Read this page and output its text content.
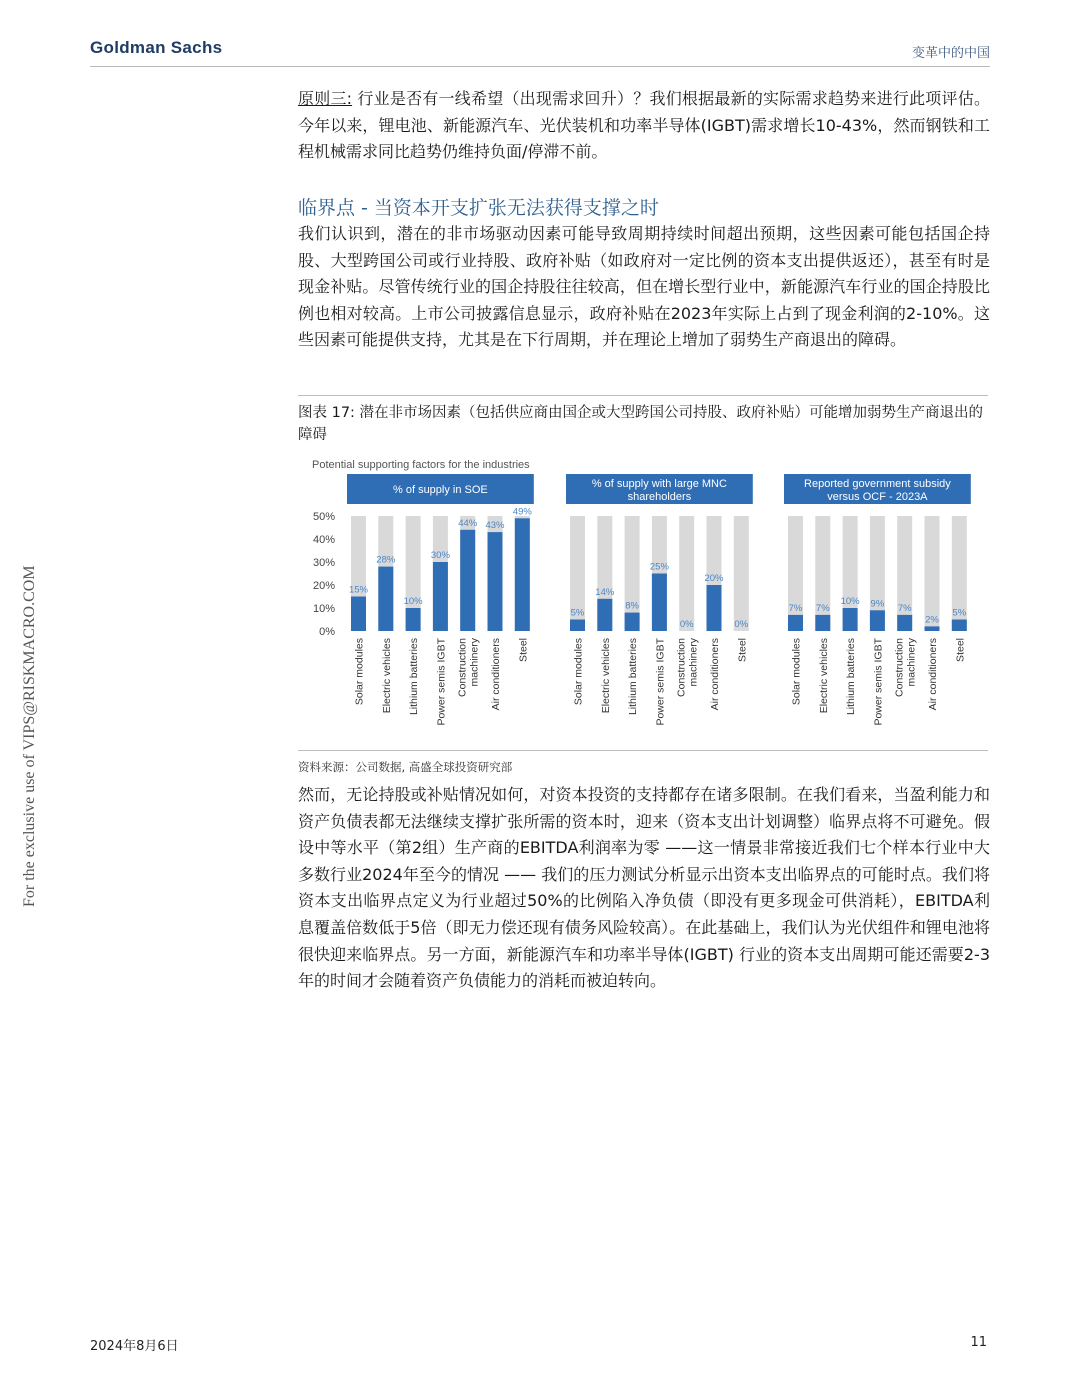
Goldman Sachs	变革中的中国
For the exclusive use of VIPS@RISKMACRO.COM

原则三: 行业是否有一线希望（出现需求回升）？我们根据最新的实际需求趋势来进行此项评估。今年以来，锂电池、新能源汽车、光伏装机和功率半导体(IGBT)需求增长10-43%，然而钢铁和工程机械需求同比趋势仍维持负面/停滞不前。

临界点 - 当资本开支扩张无法获得支撑之时

我们认识到，潜在的非市场驱动因素可能导致周期持续时间超出预期，这些因素可能包括国企持股、大型跨国公司或行业持股、政府补贴（如政府对一定比例的资本支出提供返还），甚至有时是现金补贴。尽管传统行业的国企持股往往较高，但在增长型行业中，新能源汽车行业的国企持股比例也相对较高。上市公司披露信息显示，政府补贴在2023年实际上占到了现金利润的2-10%。这些因素可能提供支持，尤其是在下行周期，并在理论上增加了弱势生产商退出的障碍。

图表 17: 潜在非市场因素（包括供应商由国企或大型跨国公司持股、政府补贴）可能增加弱势生产商退出的障碍

Potential supporting factors for the industries
0%
10%
20%
30%
40%
50%
% of supply in SOE
15%
Solar modules
28%
Electric vehicles
10%
Lithium batteries
30%
Power semis IGBT
44%
Construction machinery
43%
Air conditioners
49%
Steel
% of supply with large MNC
shareholders
5%
Solar modules
14%
Electric vehicles
8%
Lithium batteries
25%
Power semis IGBT
0%
Construction machinery
20%
Air conditioners
0%
Steel
Reported government subsidy
versus OCF - 2023A
7%
Solar modules
7%
Electric vehicles
10%
Lithium batteries
9%
Power semis IGBT
7%
Construction machinery
2%
Air conditioners
5%
Steel
资料来源：公司数据, 高盛全球投资研究部

然而，无论持股或补贴情况如何，对资本投资的支持都存在诸多限制。在我们看来，当盈利能力和资产负债表都无法继续支撑扩张所需的资本时，迎来（资本支出计划调整）临界点将不可避免。假设中等水平（第2组）生产商的EBITDA利润率为零 ——这一情景非常接近我们七个样本行业中大多数行业2024年至今的情况 —— 我们的压力测试分析显示出资本支出临界点的可能时点。我们将资本支出临界点定义为行业超过50%的比例陷入净负债（即没有更多现金可供消耗），EBITDA利息覆盖倍数低于5倍（即无力偿还现有债务风险较高）。在此基础上，我们认为光伏组件和锂电池将很快迎来临界点。另一方面，新能源汽车和功率半导体(IGBT) 行业的资本支出周期可能还需要2-3年的时间才会随着资产负债能力的消耗而被迫转向。

2024年8月6日	11
